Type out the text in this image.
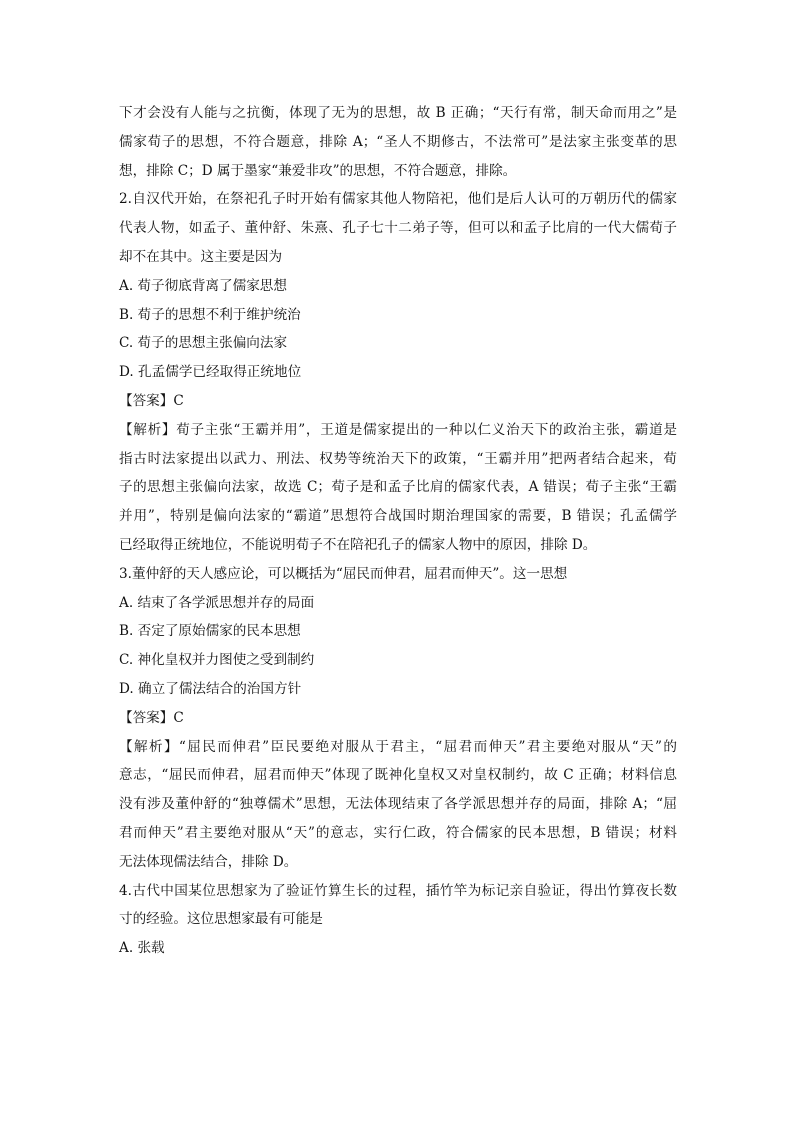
下才会没有人能与之抗衡，体现了无为的思想，故 B 正确；“天行有常，制天命而用之”是
儒家荀子的思想，不符合题意，排除 A；“圣人不期修古，不法常可”是法家主张变革的思
想，排除 C；D 属于墨家“兼爱非攻”的思想，不符合题意，排除。
2.自汉代开始，在祭祀孔子时开始有儒家其他人物陪祀，他们是后人认可的万朝历代的儒家
代表人物，如孟子、董仲舒、朱熹、孔子七十二弟子等，但可以和孟子比肩的一代大儒荀子
却不在其中。这主要是因为
A. 荀子彻底背离了儒家思想
B. 荀子的思想不利于维护统治
C. 荀子的思想主张偏向法家
D. 孔孟儒学已经取得正统地位
【答案】C
【解析】荀子主张“王霸并用”，王道是儒家提出的一种以仁义治天下的政治主张，霸道是
指古时法家提出以武力、刑法、权势等统治天下的政策，“王霸并用”把两者结合起来，荀
子的思想主张偏向法家，故选 C；荀子是和孟子比肩的儒家代表，A 错误；荀子主张“王霸
并用”，特别是偏向法家的“霸道”思想符合战国时期治理国家的需要，B 错误；孔孟儒学
已经取得正统地位，不能说明荀子不在陪祀孔子的儒家人物中的原因，排除 D。
3.董仲舒的天人感应论，可以概括为“屈民而伸君，屈君而伸天”。这一思想
A. 结束了各学派思想并存的局面
B. 否定了原始儒家的民本思想
C. 神化皇权并力图使之受到制约
D. 确立了儒法结合的治国方针
【答案】C
【解析】“屈民而伸君”臣民要绝对服从于君主，“屈君而伸天”君主要绝对服从“天”的
意志，“屈民而伸君，屈君而伸天”体现了既神化皇权又对皇权制约，故 C 正确；材料信息
没有涉及董仲舒的“独尊儒术”思想，无法体现结束了各学派思想并存的局面，排除 A；“屈
君而伸天”君主要绝对服从“天”的意志，实行仁政，符合儒家的民本思想，B 错误；材料
无法体现儒法结合，排除 D。
4.古代中国某位思想家为了验证竹算生长的过程，插竹竿为标记亲自验证，得出竹算夜长数
寸的经验。这位思想家最有可能是
A. 张载
